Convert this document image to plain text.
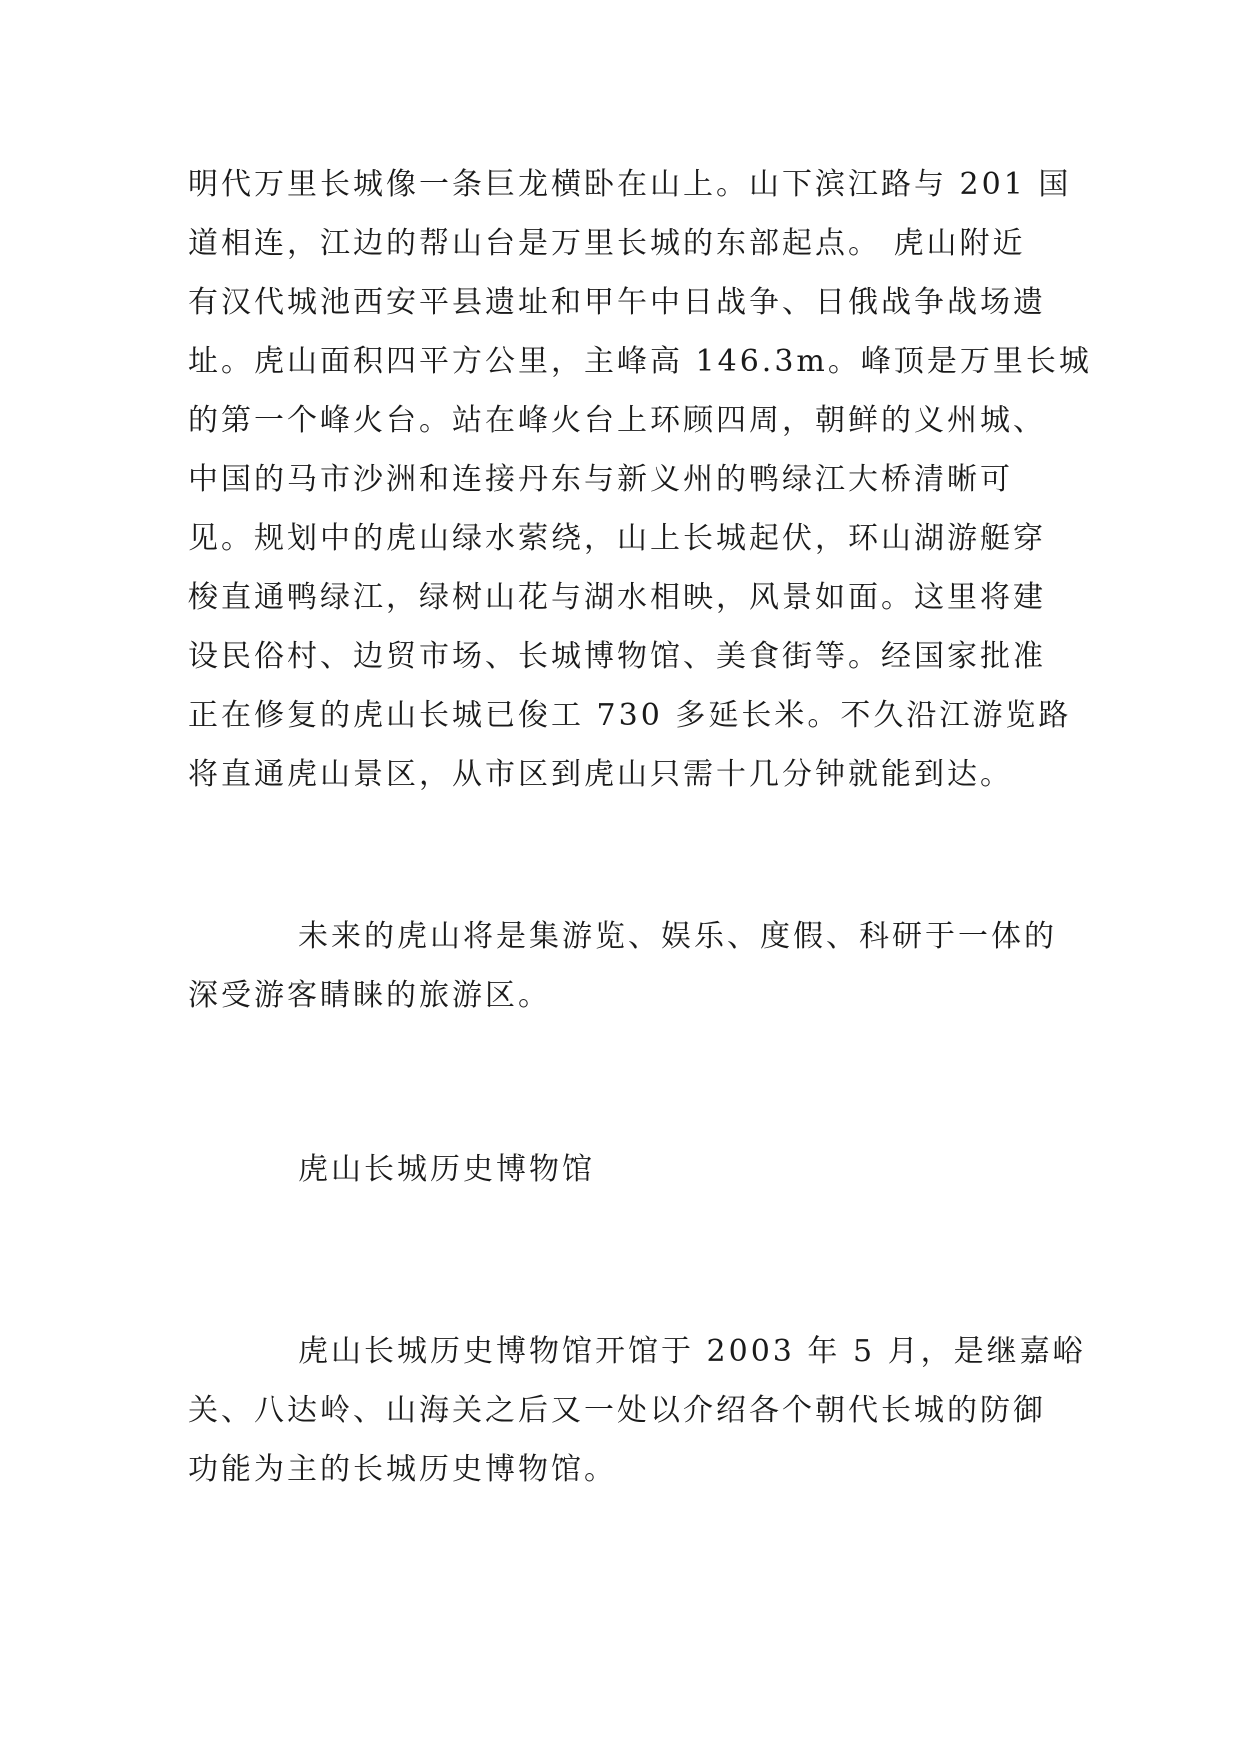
明代万里长城像一条巨龙横卧在山上。山下滨江路与 201 国
道相连，江边的帮山台是万里长城的东部起点。 虎山附近
有汉代城池西安平县遗址和甲午中日战争、日俄战争战场遗
址。虎山面积四平方公里，主峰高 146.3m。峰顶是万里长城
的第一个峰火台。站在峰火台上环顾四周，朝鲜的义州城、
中国的马市沙洲和连接丹东与新义州的鸭绿江大桥清晰可
见。规划中的虎山绿水萦绕，山上长城起伏，环山湖游艇穿
梭直通鸭绿江，绿树山花与湖水相映，风景如面。这里将建
设民俗村、边贸市场、长城博物馆、美食街等。经国家批准
正在修复的虎山长城已俊工 730 多延长米。不久沿江游览路
将直通虎山景区，从市区到虎山只需十几分钟就能到达。
未来的虎山将是集游览、娱乐、度假、科研于一体的
深受游客睛睐的旅游区。
虎山长城历史博物馆
虎山长城历史博物馆开馆于 2003 年 5 月，是继嘉峪
关、八达岭、山海关之后又一处以介绍各个朝代长城的防御
功能为主的长城历史博物馆。
